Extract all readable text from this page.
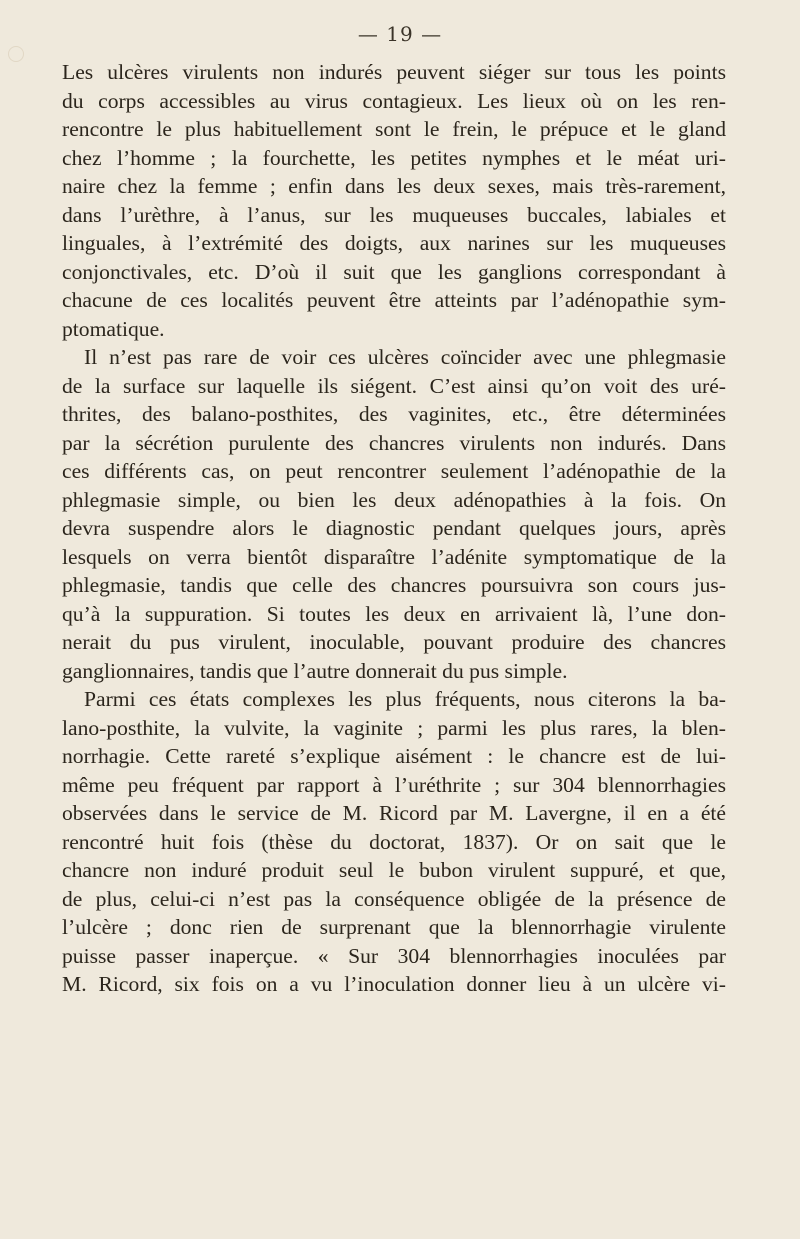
— 19 —
Les ulcères virulents non indurés peuvent siéger sur tous les points
du corps accessibles au virus contagieux. Les lieux où on les ren-
rencontre le plus habituellement sont le frein, le prépuce et le gland
chez l’homme ; la fourchette, les petites nymphes et le méat uri-
naire chez la femme ; enfin dans les deux sexes, mais très-rarement,
dans l’urèthre, à l’anus, sur les muqueuses buccales, labiales et
linguales, à l’extrémité des doigts, aux narines sur les muqueuses
conjonctivales, etc. D’où il suit que les ganglions correspondant à
chacune de ces localités peuvent être atteints par l’adénopathie sym-
ptomatique.
Il n’est pas rare de voir ces ulcères coïncider avec une phlegmasie
de la surface sur laquelle ils siégent. C’est ainsi qu’on voit des uré-
thrites, des balano-posthites, des vaginites, etc., être déterminées
par la sécrétion purulente des chancres virulents non indurés. Dans
ces différents cas, on peut rencontrer seulement l’adénopathie de la
phlegmasie simple, ou bien les deux adénopathies à la fois. On
devra suspendre alors le diagnostic pendant quelques jours, après
lesquels on verra bientôt disparaître l’adénite symptomatique de la
phlegmasie, tandis que celle des chancres poursuivra son cours jus-
qu’à la suppuration. Si toutes les deux en arrivaient là, l’une don-
nerait du pus virulent, inoculable, pouvant produire des chancres
ganglionnaires, tandis que l’autre donnerait du pus simple.
Parmi ces états complexes les plus fréquents, nous citerons la ba-
lano-posthite, la vulvite, la vaginite ; parmi les plus rares, la blen-
norrhagie. Cette rareté s’explique aisément : le chancre est de lui-
même peu fréquent par rapport à l’uréthrite ; sur 304 blennorrhagies
observées dans le service de M. Ricord par M. Lavergne, il en a été
rencontré huit fois (thèse du doctorat, 1837). Or on sait que le
chancre non induré produit seul le bubon virulent suppuré, et que,
de plus, celui-ci n’est pas la conséquence obligée de la présence de
l’ulcère ; donc rien de surprenant que la blennorrhagie virulente
puisse passer inaperçue. « Sur 304 blennorrhagies inoculées par
M. Ricord, six fois on a vu l’inoculation donner lieu à un ulcère vi-
